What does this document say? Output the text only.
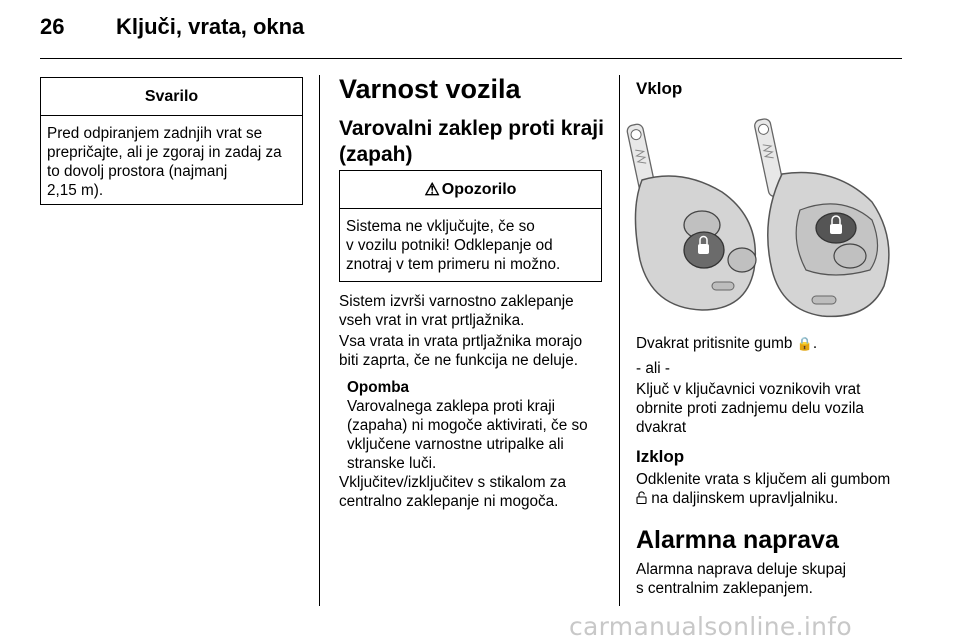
26 Ključi, vrata, okna
Svarilo
Pred odpiranjem zadnjih vrat se
prepričajte, ali je zgoraj in zadaj za
to dovolj prostora (najmanj
2,15 m).
Varnost vozila
Varovalni zaklep proti kraji
(zapah)
⚠ Opozorilo
Sistema ne vključujte, če so
v vozilu potniki! Odklepanje od
znotraj v tem primeru ni možno.
Sistem izvrši varnostno zaklepanje
vseh vrat in vrat prtljažnika.
Vsa vrata in vrata prtljažnika morajo
biti zaprta, če ne funkcija ne deluje.
Opomba
Varovalnega zaklepa proti kraji
(zapaha) ni mogoče aktivirati, če so
vključene varnostne utripalke ali
stranske luči.
Vključitev/izključitev s stikalom za
centralno zaklepanje ni mogoča.
Vklop
Dvakrat pritisnite gumb 🔒.
- ali -
Ključ v ključavnici voznikovih vrat
obrnite proti zadnjemu delu vozila
dvakrat
Izklop
Odklenite vrata s ključem ali gumbom
na daljinskem upravljalniku.
Alarmna naprava
Alarmna naprava deluje skupaj
s centralnim zaklepanjem.
carmanualsonline.info
